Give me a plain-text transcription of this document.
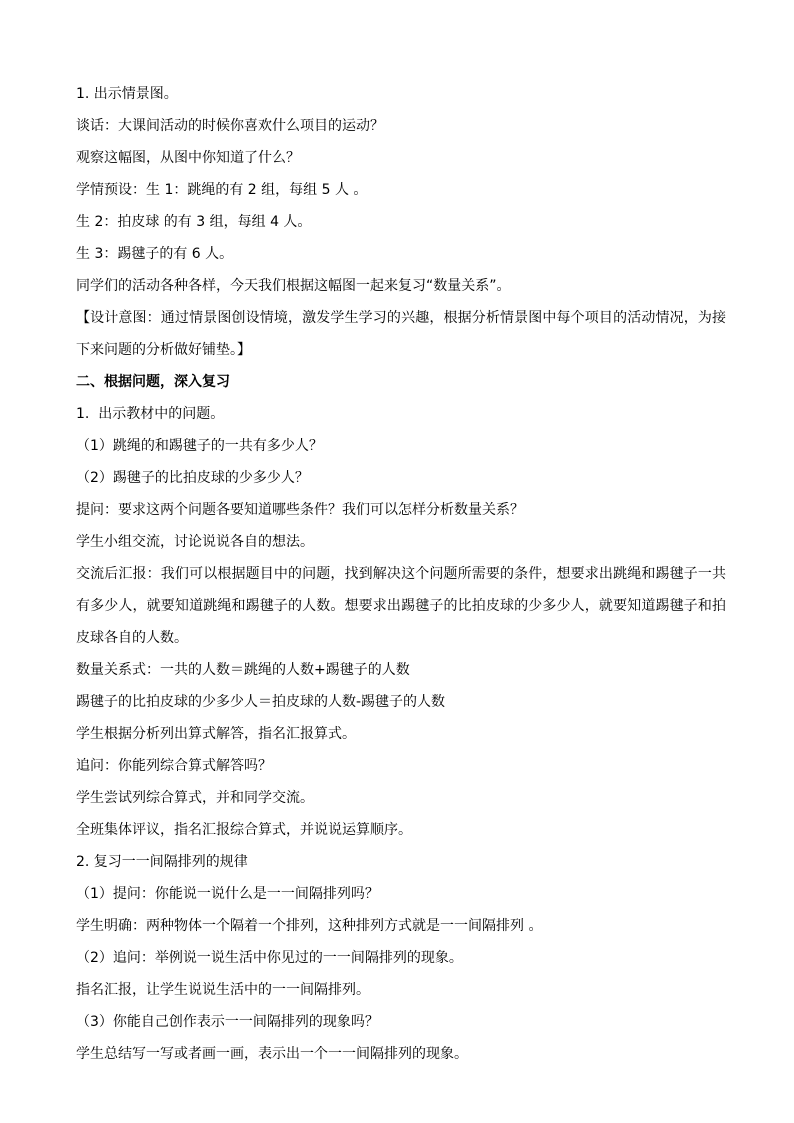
1. 出示情景图。
谈话：大课间活动的时候你喜欢什么项目的运动？
观察这幅图，从图中你知道了什么？
学情预设：生 1：跳绳的有 2 组，每组 5 人 。
生 2：拍皮球 的有 3 组，每组 4 人。
生 3：踢毽子的有 6 人。
同学们的活动各种各样，今天我们根据这幅图一起来复习“数量关系”。
【设计意图：通过情景图创设情境，激发学生学习的兴趣，根据分析情景图中每个项目的活动情况，为接下来问题的分析做好铺垫。】
二、根据问题，深入复习
1.  出示教材中的问题。
（1）跳绳的和踢毽子的一共有多少人？
（2）踢毽子的比拍皮球的少多少人？
提问：要求这两个问题各要知道哪些条件？我们可以怎样分析数量关系？
学生小组交流，讨论说说各自的想法。
交流后汇报：我们可以根据题目中的问题，找到解决这个问题所需要的条件，想要求出跳绳和踢毽子一共有多少人，就要知道跳绳和踢毽子的人数。想要求出踢毽子的比拍皮球的少多少人，就要知道踢毽子和拍皮球各自的人数。
数量关系式：一共的人数＝跳绳的人数+踢毽子的人数
踢毽子的比拍皮球的少多少人＝拍皮球的人数-踢毽子的人数
学生根据分析列出算式解答，指名汇报算式。
追问：你能列综合算式解答吗？
学生尝试列综合算式，并和同学交流。
全班集体评议，指名汇报综合算式，并说说运算顺序。
2. 复习一一间隔排列的规律
（1）提问：你能说一说什么是一一间隔排列吗？
学生明确：两种物体一个隔着一个排列，这种排列方式就是一一间隔排列 。
（2）追问：举例说一说生活中你见过的一一间隔排列的现象。
指名汇报，让学生说说生活中的一一间隔排列。
（3）你能自己创作表示一一间隔排列的现象吗？
学生总结写一写或者画一画，表示出一个一一间隔排列的现象。
